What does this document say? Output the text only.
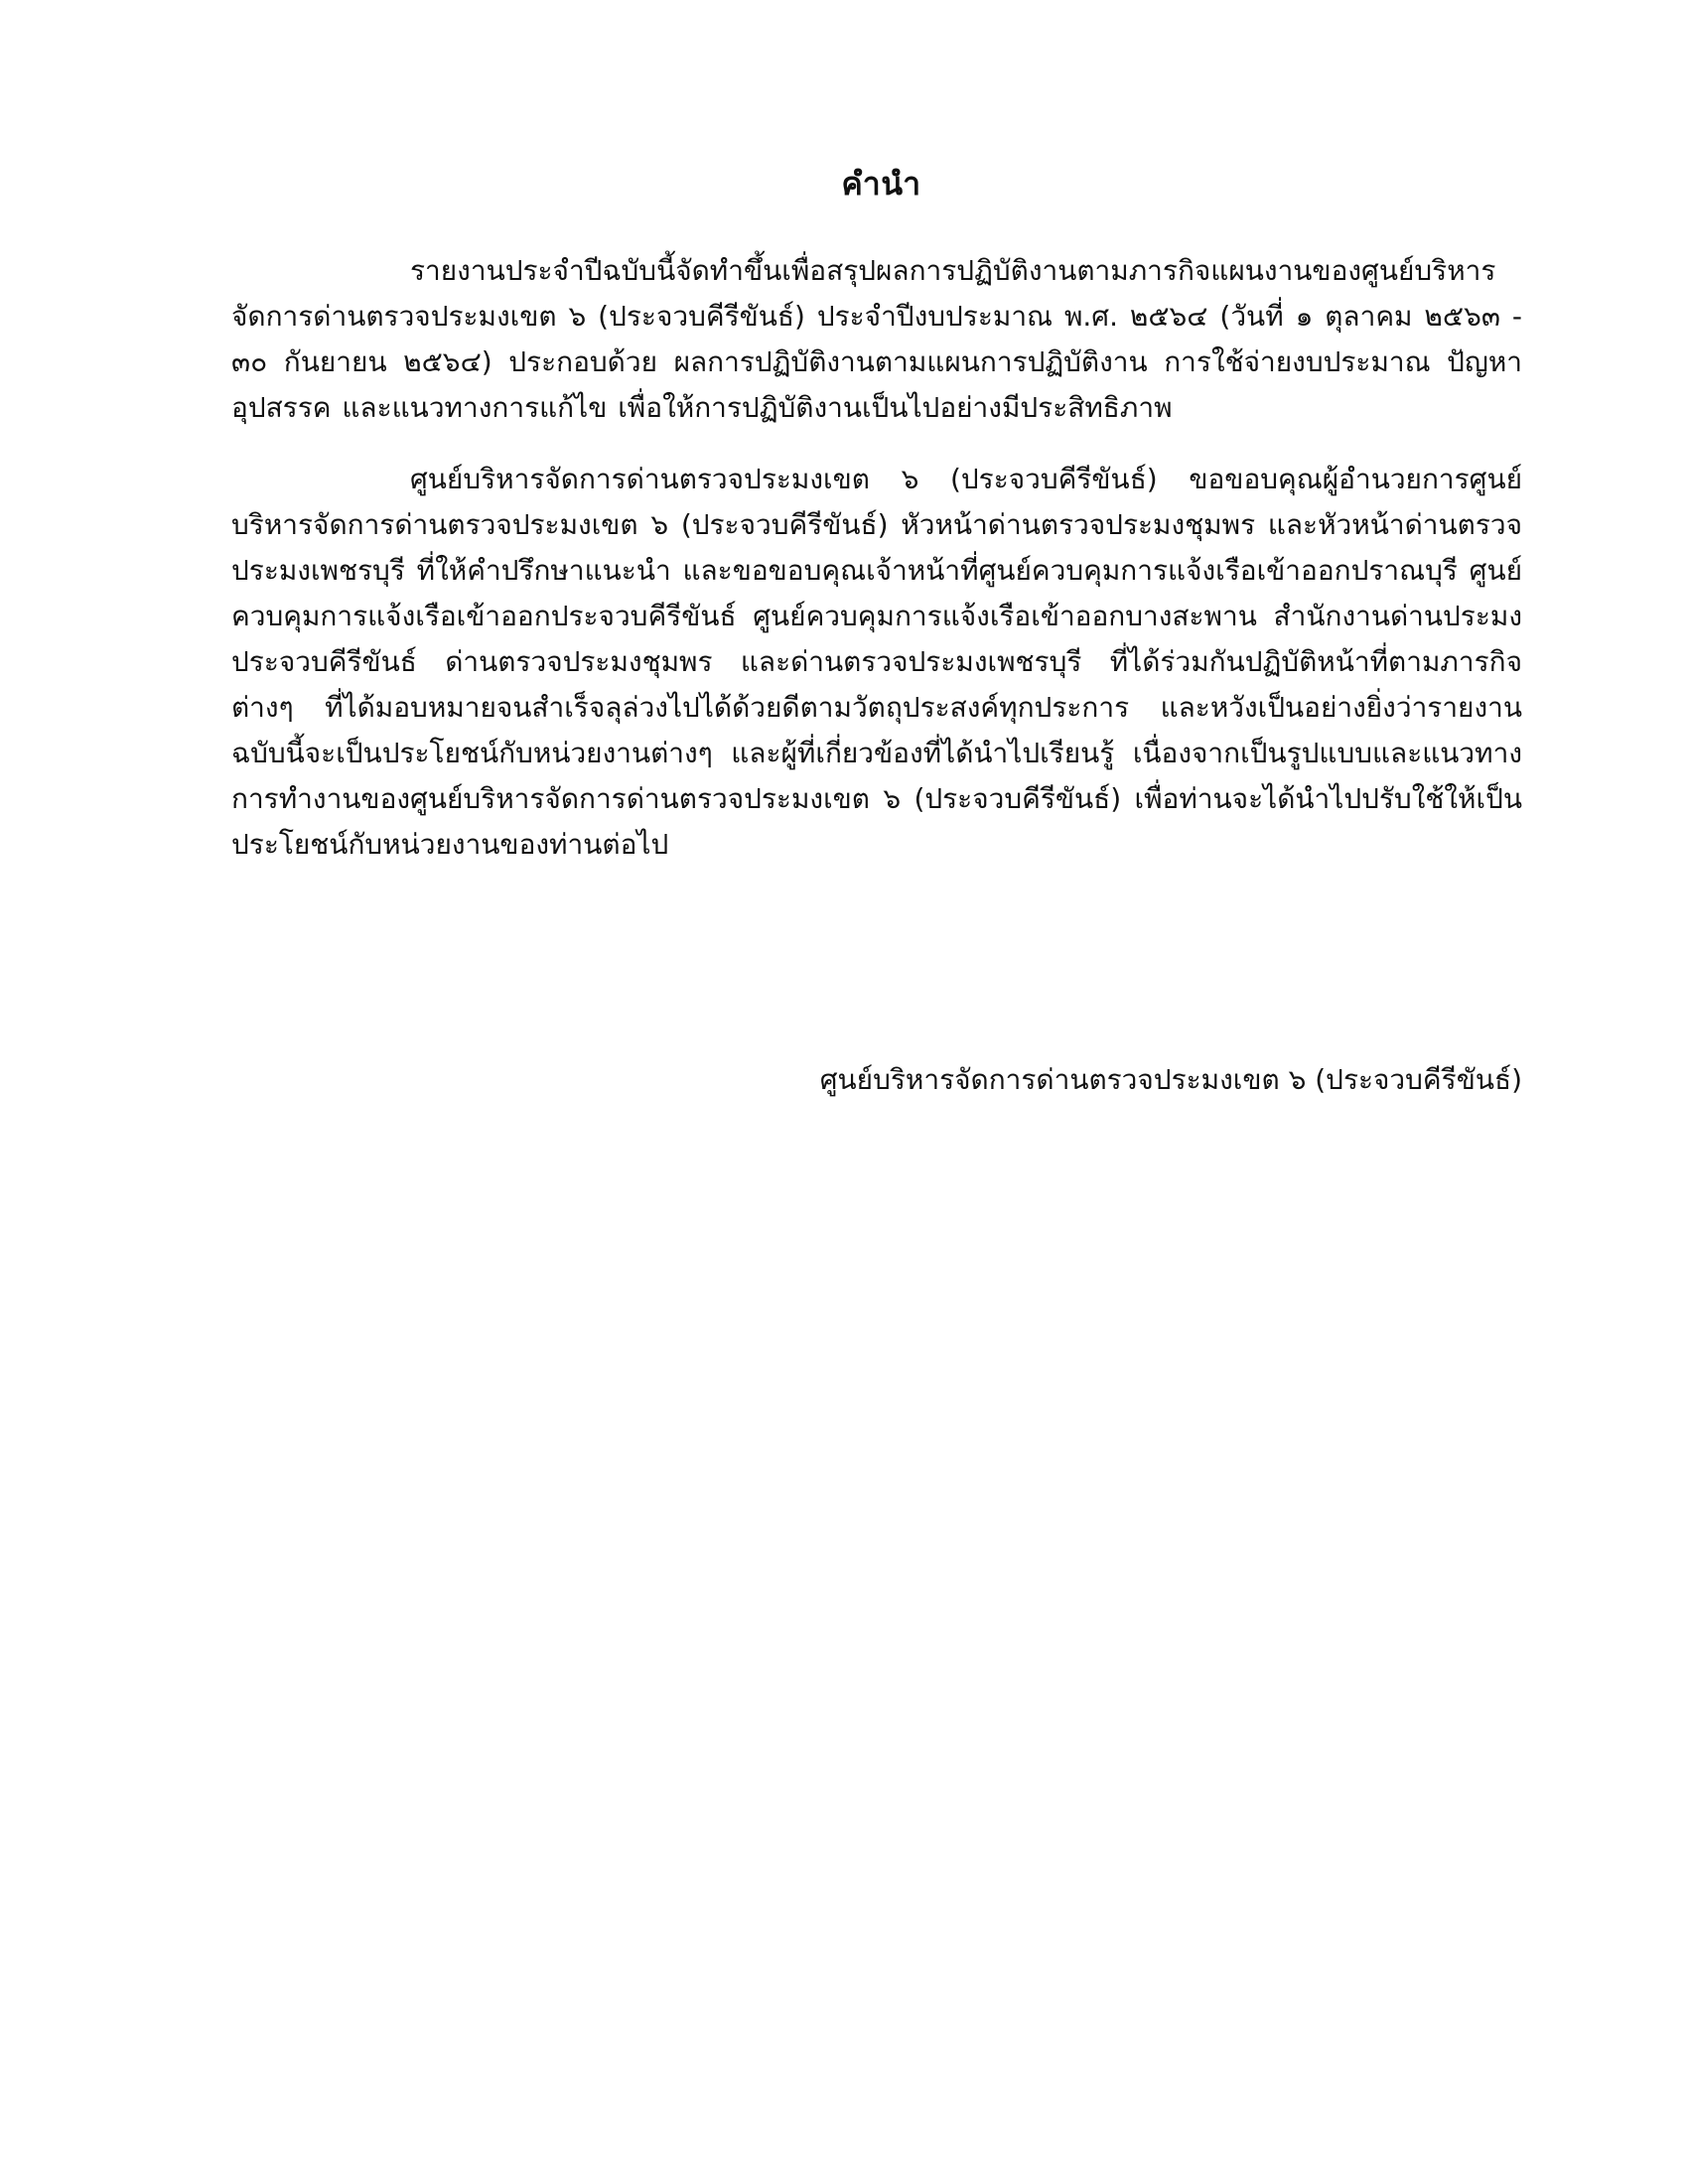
คำนำ

รายงานประจำปีฉบับนี้จัดทำขึ้นเพื่อสรุปผลการปฏิบัติงานตามภารกิจแผนงานของศูนย์บริหารจัดการด่านตรวจประมงเขต ๖ (ประจวบคีรีขันธ์) ประจำปีงบประมาณ พ.ศ. ๒๕๖๔ (วันที่ ๑ ตุลาคม ๒๕๖๓ - ๓๐ กันยายน ๒๕๖๔) ประกอบด้วย ผลการปฏิบัติงานตามแผนการปฏิบัติงาน การใช้จ่ายงบประมาณ ปัญหาอุปสรรค และแนวทางการแก้ไข เพื่อให้การปฏิบัติงานเป็นไปอย่างมีประสิทธิภาพ

ศูนย์บริหารจัดการด่านตรวจประมงเขต ๖ (ประจวบคีรีขันธ์) ขอขอบคุณผู้อำนวยการศูนย์บริหารจัดการด่านตรวจประมงเขต ๖ (ประจวบคีรีขันธ์) หัวหน้าด่านตรวจประมงชุมพร และหัวหน้าด่านตรวจประมงเพชรบุรี ที่ให้คำปรึกษาแนะนำ และขอขอบคุณเจ้าหน้าที่ศูนย์ควบคุมการแจ้งเรือเข้าออกปราณบุรี ศูนย์ควบคุมการแจ้งเรือเข้าออกประจวบคีรีขันธ์ ศูนย์ควบคุมการแจ้งเรือเข้าออกบางสะพาน สำนักงานด่านประมงประจวบคีรีขันธ์ ด่านตรวจประมงชุมพร และด่านตรวจประมงเพชรบุรี ที่ได้ร่วมกันปฏิบัติหน้าที่ตามภารกิจต่างๆ ที่ได้มอบหมายจนสำเร็จลุล่วงไปได้ด้วยดีตามวัตถุประสงค์ทุกประการ และหวังเป็นอย่างยิ่งว่ารายงานฉบับนี้จะเป็นประโยชน์กับหน่วยงานต่างๆ และผู้ที่เกี่ยวข้องที่ได้นำไปเรียนรู้ เนื่องจากเป็นรูปแบบและแนวทางการทำงานของศูนย์บริหารจัดการด่านตรวจประมงเขต ๖ (ประจวบคีรีขันธ์) เพื่อท่านจะได้นำไปปรับใช้ให้เป็นประโยชน์กับหน่วยงานของท่านต่อไป

ศูนย์บริหารจัดการด่านตรวจประมงเขต ๖ (ประจวบคีรีขันธ์)
